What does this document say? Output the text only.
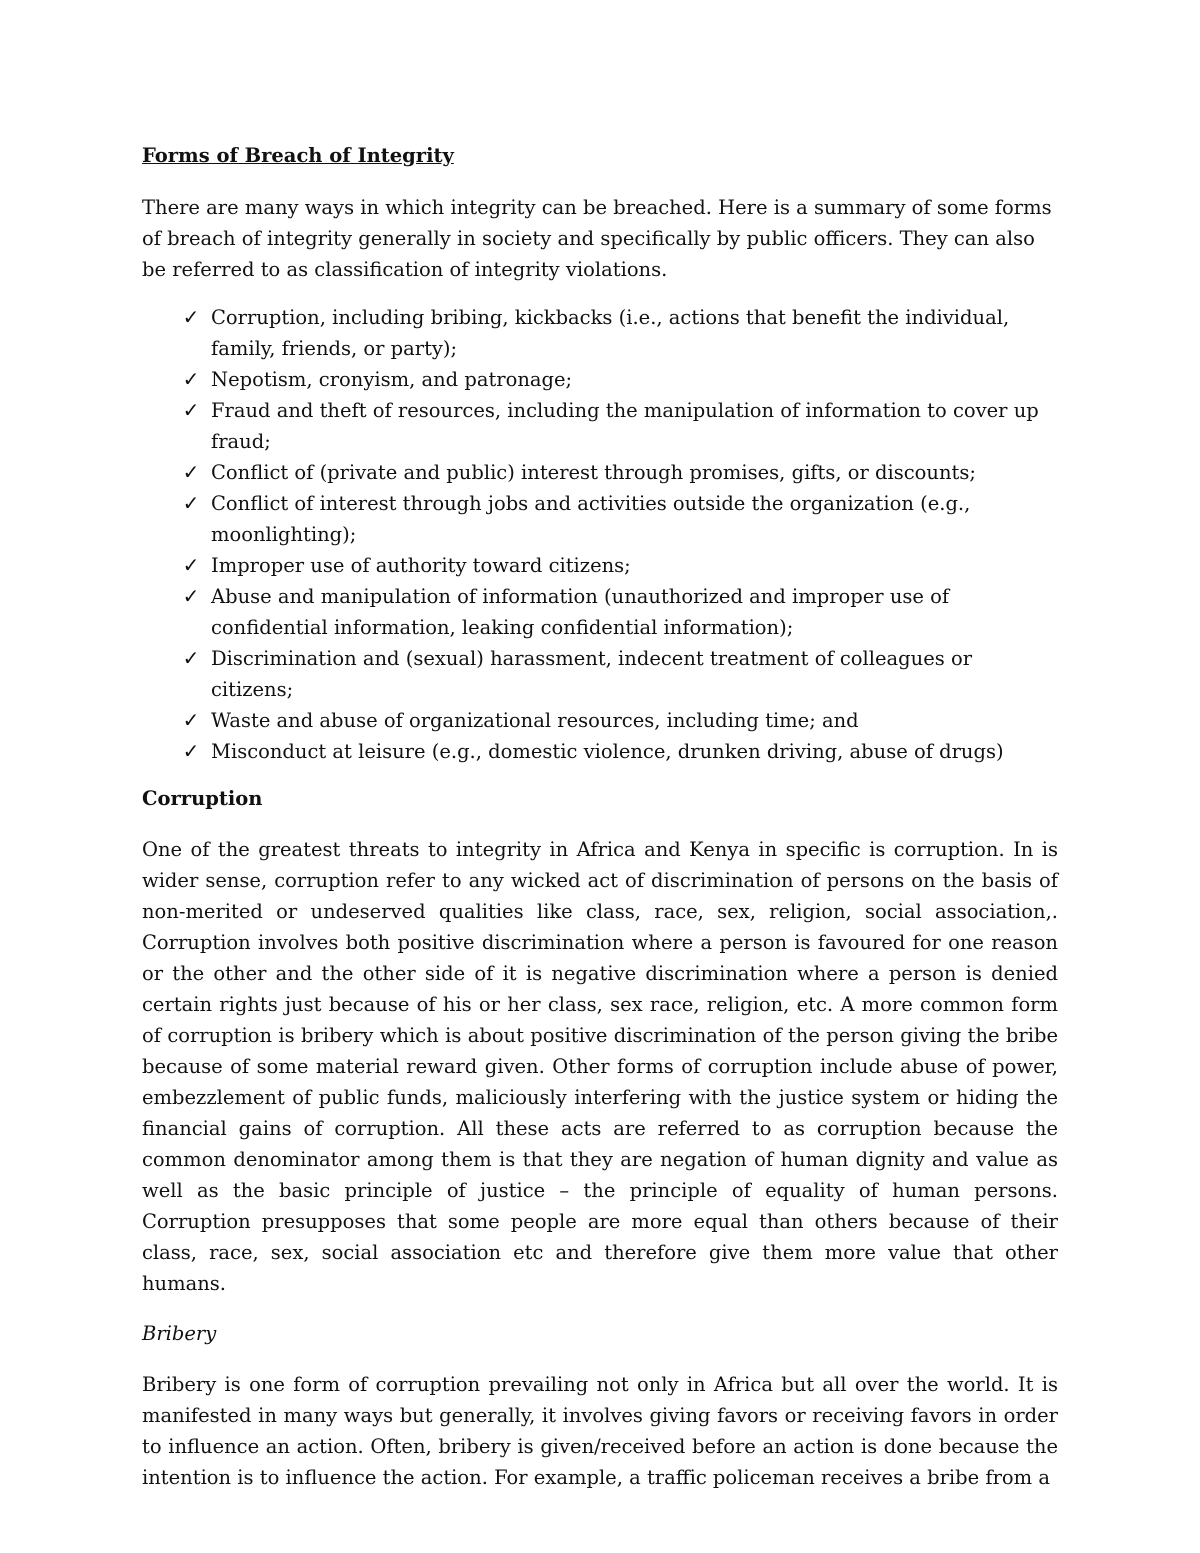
Forms of Breach of Integrity

There are many ways in which integrity can be breached. Here is a summary of some forms of breach of integrity generally in society and specifically by public officers. They can also be referred to as classification of integrity violations.

✓ Corruption, including bribing, kickbacks (i.e., actions that benefit the individual, family, friends, or party);
✓ Nepotism, cronyism, and patronage;
✓ Fraud and theft of resources, including the manipulation of information to cover up fraud;
✓ Conflict of (private and public) interest through promises, gifts, or discounts;
✓ Conflict of interest through jobs and activities outside the organization (e.g., moonlighting);
✓ Improper use of authority toward citizens;
✓ Abuse and manipulation of information (unauthorized and improper use of confidential information, leaking confidential information);
✓ Discrimination and (sexual) harassment, indecent treatment of colleagues or citizens;
✓ Waste and abuse of organizational resources, including time; and
✓ Misconduct at leisure (e.g., domestic violence, drunken driving, abuse of drugs)
Corruption

One of the greatest threats to integrity in Africa and Kenya in specific is corruption. In is wider sense, corruption refer to any wicked act of discrimination of persons on the basis of non-merited or undeserved qualities like class, race, sex, religion, social association,. Corruption involves both positive discrimination where a person is favoured for one reason or the other and the other side of it is negative discrimination where a person is denied certain rights just because of his or her class, sex race, religion, etc. A more common form of corruption is bribery which is about positive discrimination of the person giving the bribe because of some material reward given. Other forms of corruption include abuse of power, embezzlement of public funds, maliciously interfering with the justice system or hiding the financial gains of corruption. All these acts are referred to as corruption because the common denominator among them is that they are negation of human dignity and value as well as the basic principle of justice – the principle of equality of human persons. Corruption presupposes that some people are more equal than others because of their class, race, sex, social association etc and therefore give them more value that other humans.

Bribery

Bribery is one form of corruption prevailing not only in Africa but all over the world. It is manifested in many ways but generally, it involves giving favors or receiving favors in order to influence an action. Often, bribery is given/received before an action is done because the intention is to influence the action. For example, a traffic policeman receives a bribe from a
